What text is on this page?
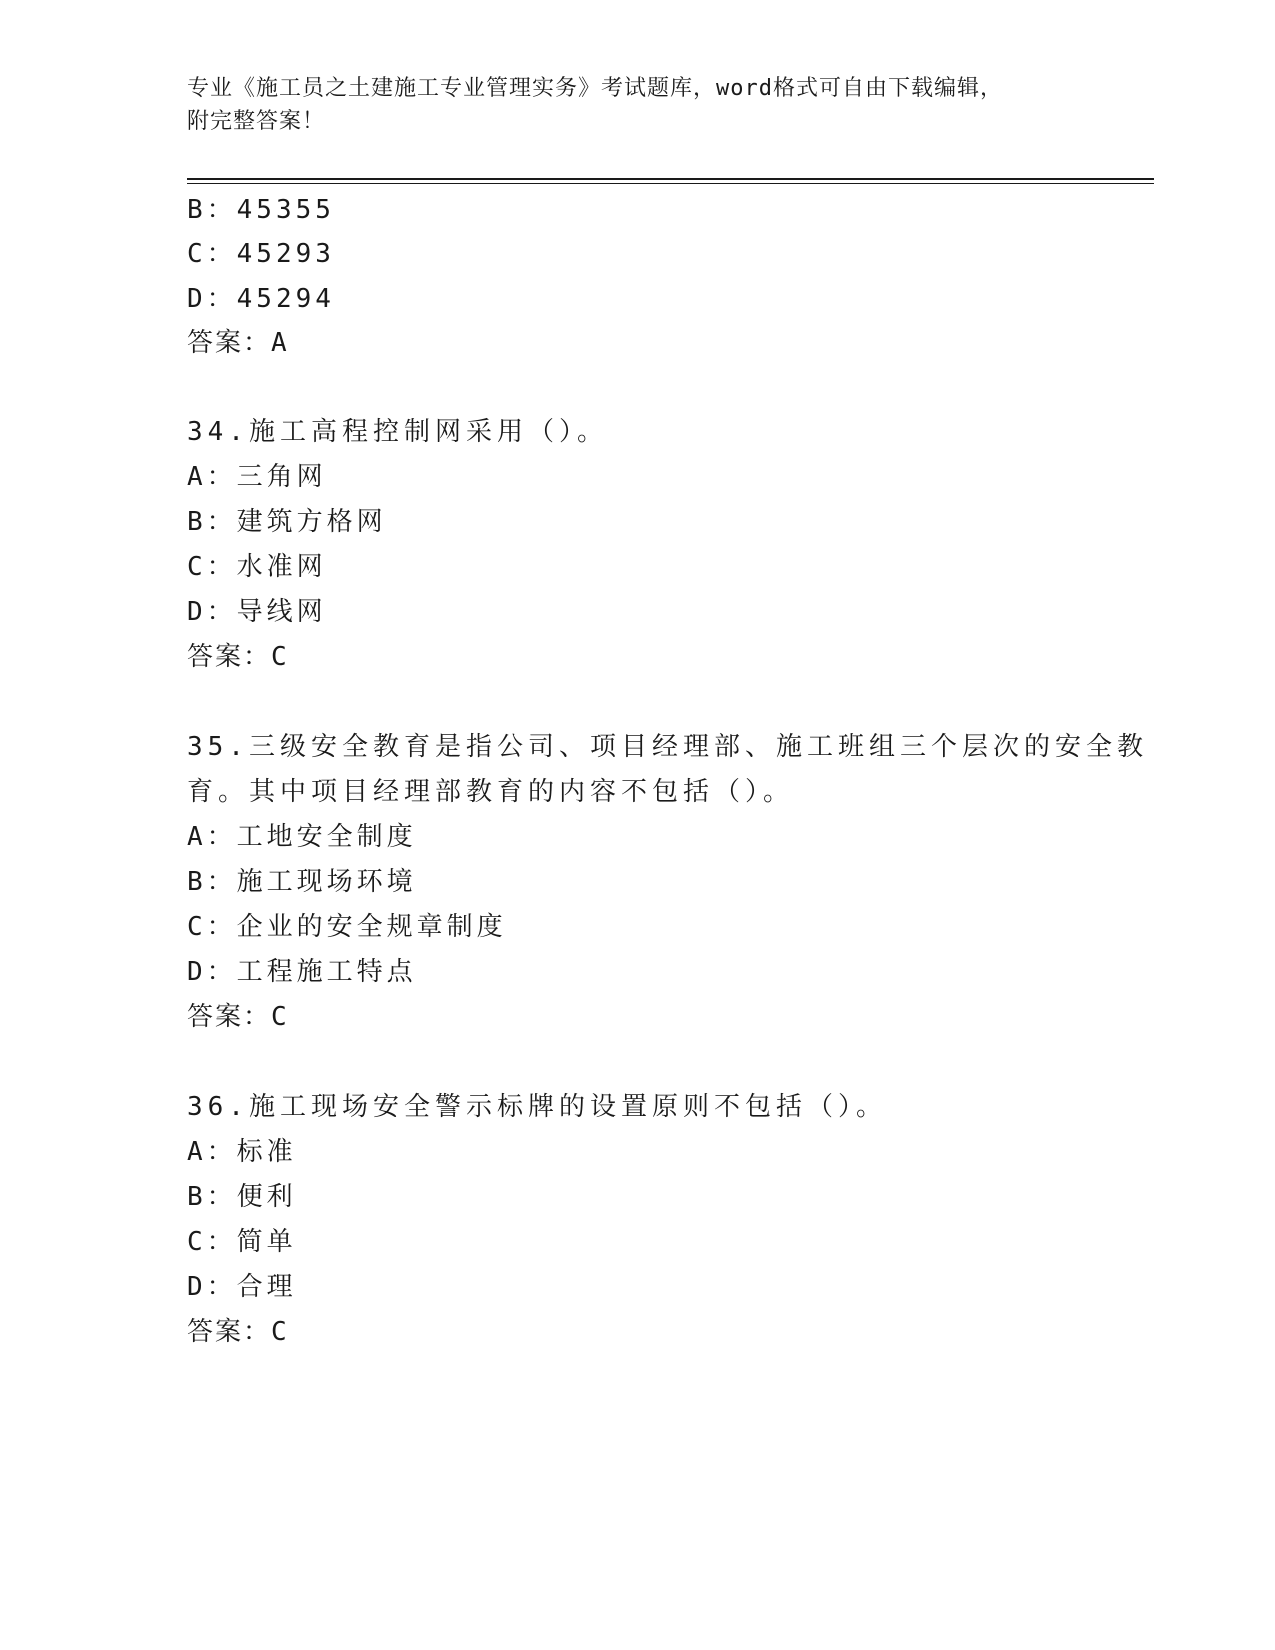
专业《施工员之土建施工专业管理实务》考试题库，word格式可自由下载编辑，
附完整答案！
B：45355
C：45293
D：45294
答案：A
34.施工高程控制网采用（）。
A：三角网
B：建筑方格网
C：水准网
D：导线网
答案：C
35.三级安全教育是指公司、项目经理部、施工班组三个层次的安全教
育。其中项目经理部教育的内容不包括（）。
A：工地安全制度
B：施工现场环境
C：企业的安全规章制度
D：工程施工特点
答案：C
36.施工现场安全警示标牌的设置原则不包括（）。
A：标准
B：便利
C：简单
D：合理
答案：C
